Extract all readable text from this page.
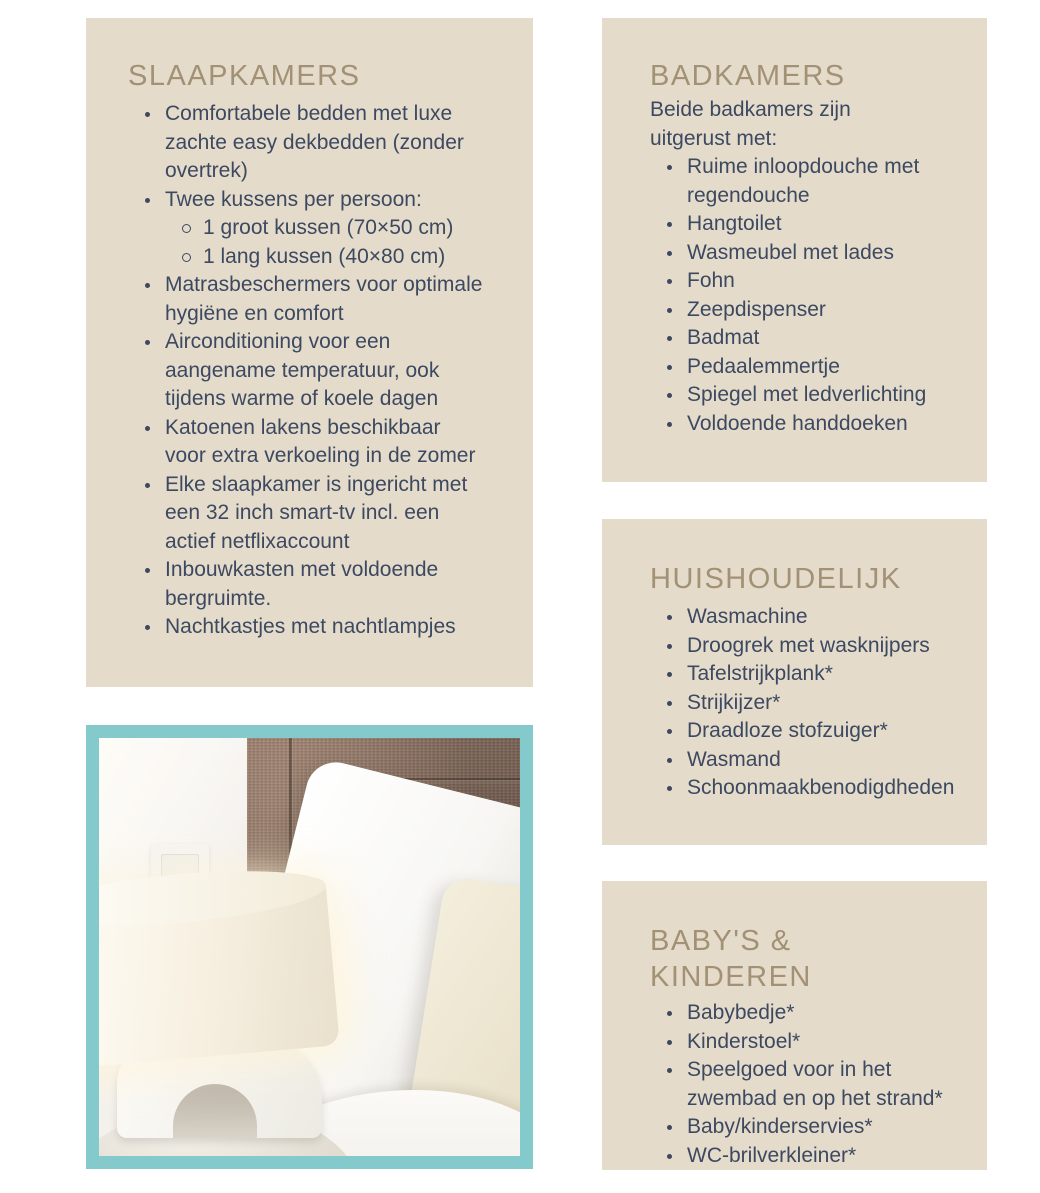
SLAAPKAMERS
Comfortabele bedden met luxe zachte easy dekbedden (zonder overtrek)
Twee kussens per persoon:
1 groot kussen (70×50 cm)
1 lang kussen (40×80 cm)
Matrasbeschermers voor optimale hygiëne en comfort
Airconditioning voor een aangename temperatuur, ook tijdens warme of koele dagen
Katoenen lakens beschikbaar voor extra verkoeling in de zomer
Elke slaapkamer is ingericht met een 32 inch smart-tv incl. een actief netflixaccount
Inbouwkasten met voldoende bergruimte.
Nachtkastjes met nachtlampjes
BADKAMERS

Beide badkamers zijn uitgerust met:

Ruime inloopdouche met regendouche
Hangtoilet
Wasmeubel met lades
Fohn
Zeepdispenser
Badmat
Pedaalemmertje
Spiegel met ledverlichting
Voldoende handdoeken
HUISHOUDELIJK
Wasmachine
Droogrek met wasknijpers
Tafelstrijkplank*
Strijkijzer*
Draadloze stofzuiger*
Wasmand
Schoonmaakbenodigdheden
BABY'S & KINDEREN
Babybedje*
Kinderstoel*
Speelgoed voor in het zwembad en op het strand*
Baby/kinderservies*
WC-brilverkleiner*
